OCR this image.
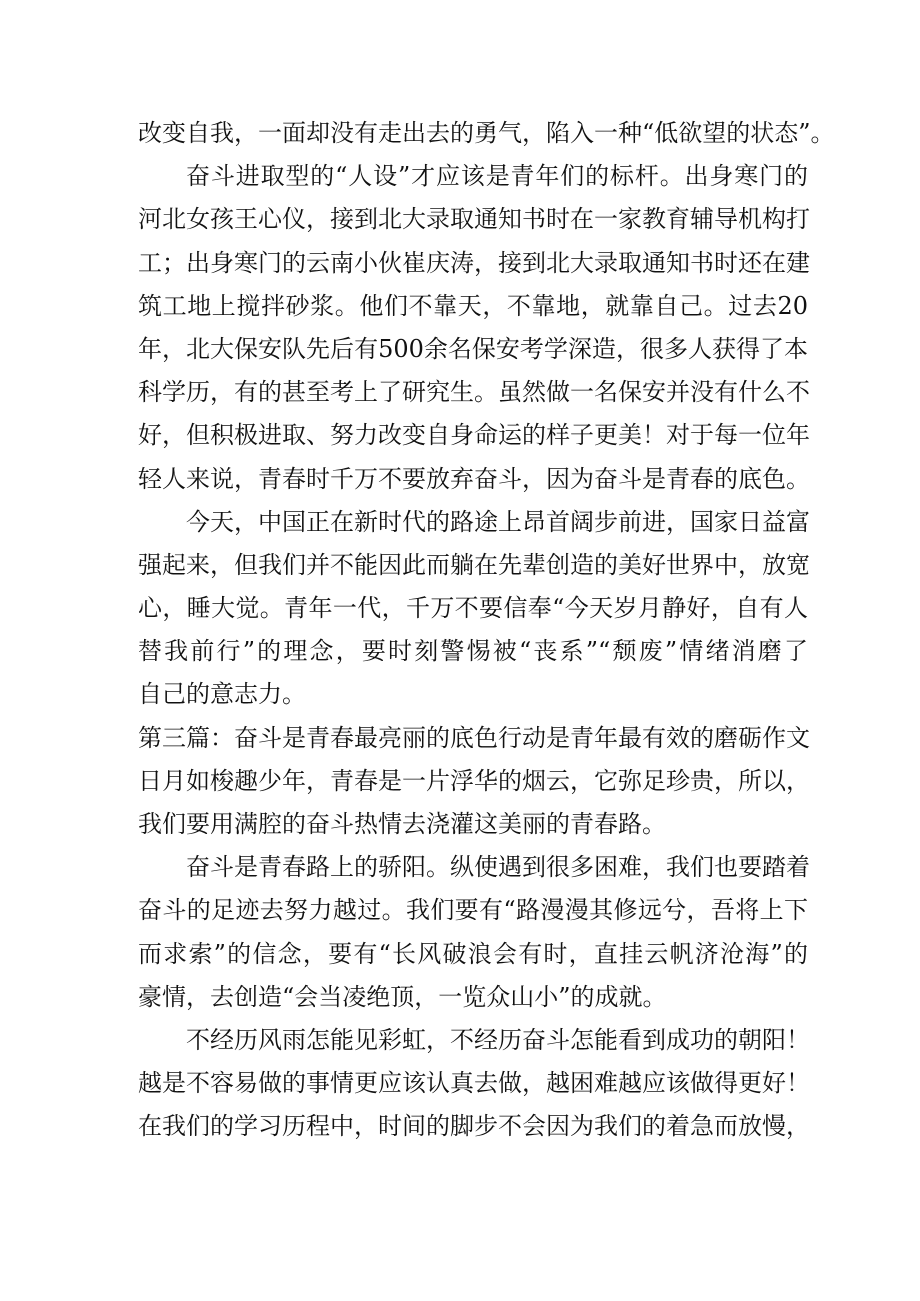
改变自我，一面却没有走出去的勇气，陷入一种“低欲望的状态”。
奋斗进取型的“人设”才应该是青年们的标杆。出身寒门的
河北女孩王心仪，接到北大录取通知书时在一家教育辅导机构打
工；出身寒门的云南小伙崔庆涛，接到北大录取通知书时还在建
筑工地上搅拌砂浆。他们不靠天，不靠地，就靠自己。过去20
年，北大保安队先后有500余名保安考学深造，很多人获得了本
科学历，有的甚至考上了研究生。虽然做一名保安并没有什么不
好，但积极进取、努力改变自身命运的样子更美！对于每一位年
轻人来说，青春时千万不要放弃奋斗，因为奋斗是青春的底色。
今天，中国正在新时代的路途上昂首阔步前进，国家日益富
强起来，但我们并不能因此而躺在先辈创造的美好世界中，放宽
心，睡大觉。青年一代，千万不要信奉“今天岁月静好，自有人
替我前行”的理念，要时刻警惕被“丧系”“颓废”情绪消磨了
自己的意志力。
第三篇：奋斗是青春最亮丽的底色行动是青年最有效的磨砺作文
日月如梭趣少年，青春是一片浮华的烟云，它弥足珍贵，所以，
我们要用满腔的奋斗热情去浇灌这美丽的青春路。
奋斗是青春路上的骄阳。纵使遇到很多困难，我们也要踏着
奋斗的足迹去努力越过。我们要有“路漫漫其修远兮，吾将上下
而求索”的信念，要有“长风破浪会有时，直挂云帆济沧海”的
豪情，去创造“会当凌绝顶，一览众山小”的成就。
不经历风雨怎能见彩虹，不经历奋斗怎能看到成功的朝阳！
越是不容易做的事情更应该认真去做，越困难越应该做得更好！
在我们的学习历程中，时间的脚步不会因为我们的着急而放慢，
